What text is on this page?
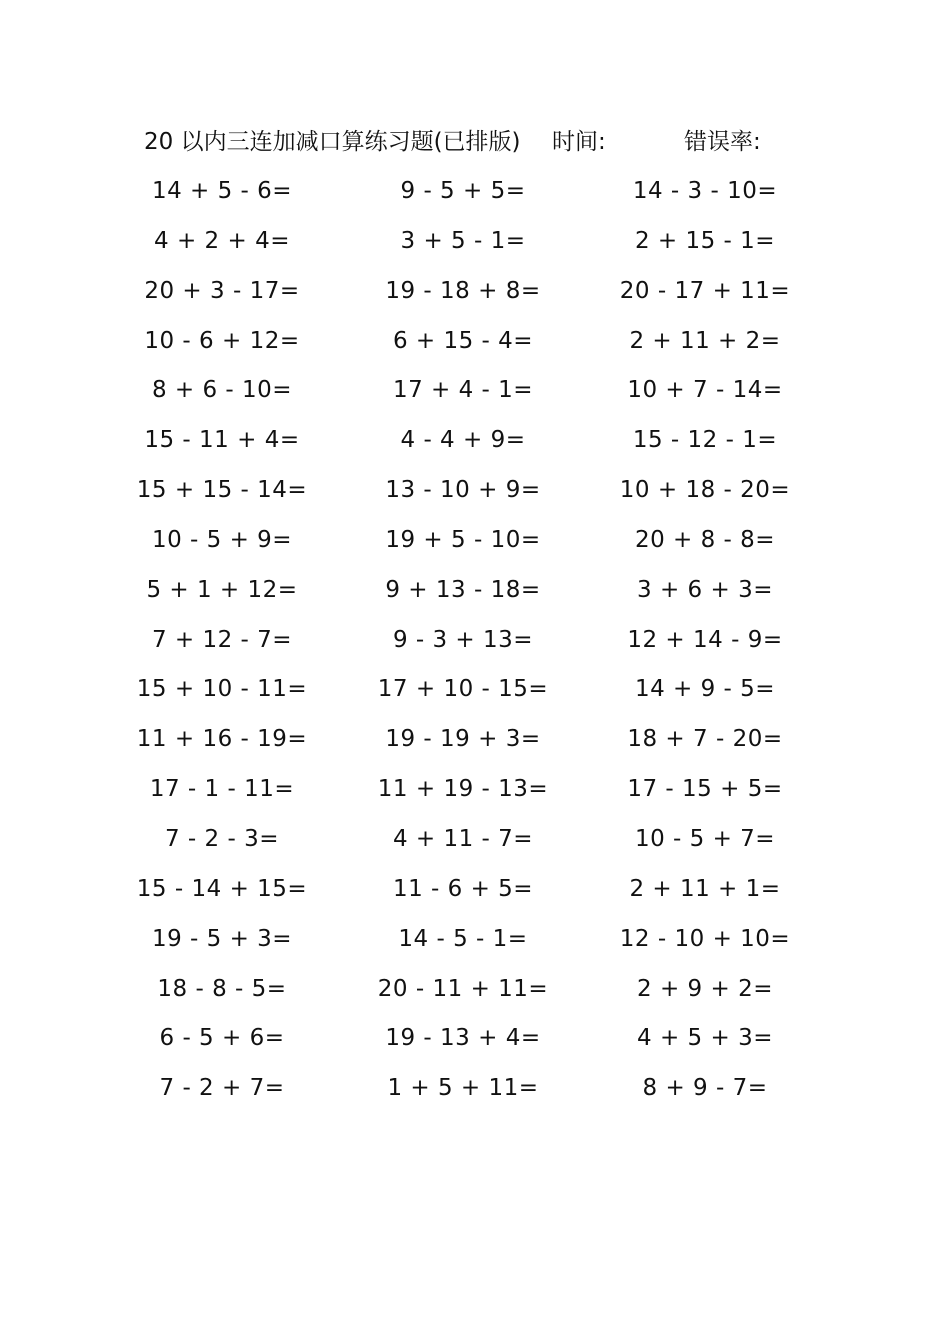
20 以内三连加减口算练习题(已排版) 时间:	错误率:
14 + 5 - 6=	9 - 5 + 5=	14 - 3 - 10=
4 + 2 + 4=	3 + 5 - 1=	2 + 15 - 1=
20 + 3 - 17=	19 - 18 + 8=	20 - 17 + 11=
10 - 6 + 12=	6 + 15 - 4=	2 + 11 + 2=
8 + 6 - 10=	17 + 4 - 1=	10 + 7 - 14=
15 - 11 + 4=	4 - 4 + 9=	15 - 12 - 1=
15 + 15 - 14=	13 - 10 + 9=	10 + 18 - 20=
10 - 5 + 9=	19 + 5 - 10=	20 + 8 - 8=
5 + 1 + 12=	9 + 13 - 18=	3 + 6 + 3=
7 + 12 - 7=	9 - 3 + 13=	12 + 14 - 9=
15 + 10 - 11=	17 + 10 - 15=	14 + 9 - 5=
11 + 16 - 19=	19 - 19 + 3=	18 + 7 - 20=
17 - 1 - 11=	11 + 19 - 13=	17 - 15 + 5=
7 - 2 - 3=	4 + 11 - 7=	10 - 5 + 7=
15 - 14 + 15=	11 - 6 + 5=	2 + 11 + 1=
19 - 5 + 3=	14 - 5 - 1=	12 - 10 + 10=
18 - 8 - 5=	20 - 11 + 11=	2 + 9 + 2=
6 - 5 + 6=	19 - 13 + 4=	4 + 5 + 3=
7 - 2 + 7=	1 + 5 + 11=	8 + 9 - 7=
